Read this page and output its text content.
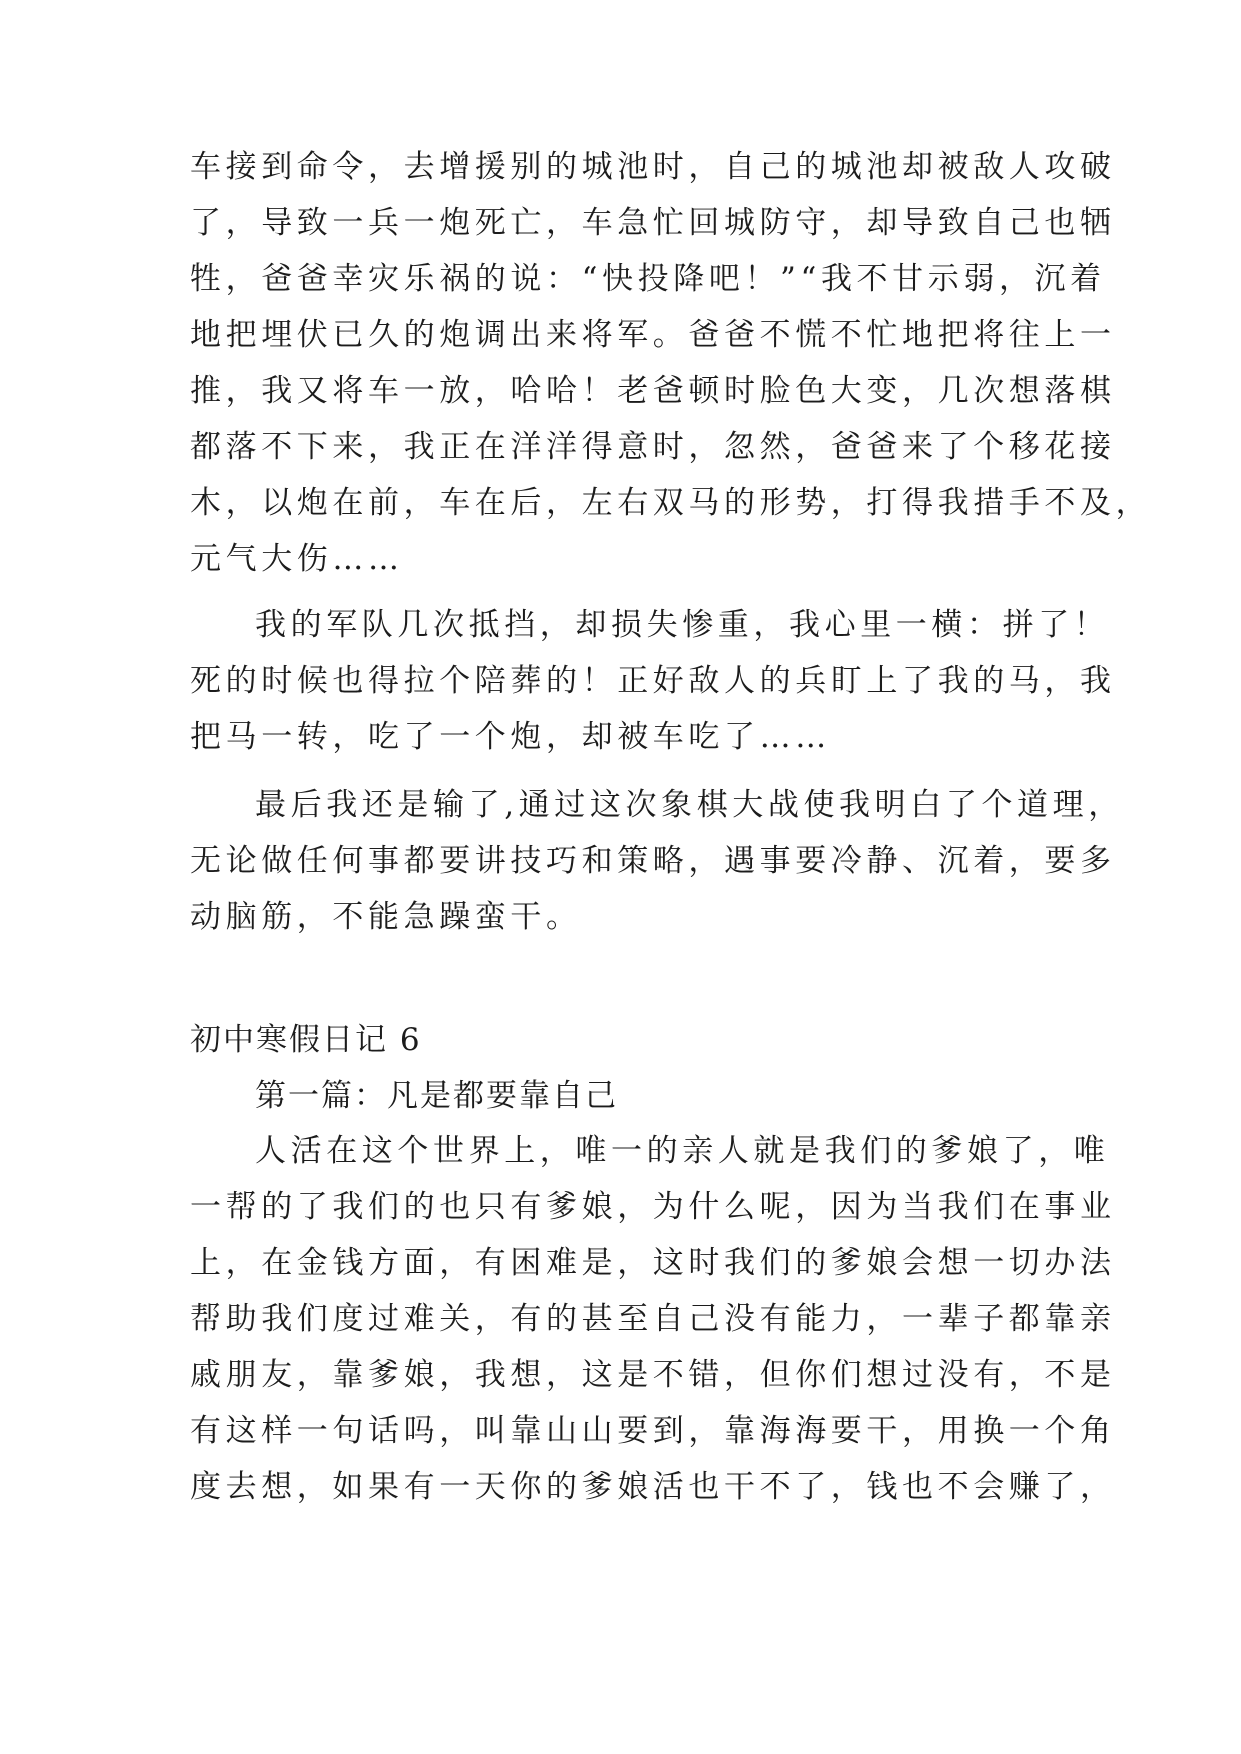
车接到命令，去增援别的城池时，自己的城池却被敌人攻破
了，导致一兵一炮死亡，车急忙回城防守，却导致自己也牺
牲，爸爸幸灾乐祸的说：“快投降吧！”“我不甘示弱，沉着
地把埋伏已久的炮调出来将军。爸爸不慌不忙地把将往上一
推，我又将车一放，哈哈！老爸顿时脸色大变，几次想落棋
都落不下来，我正在洋洋得意时，忽然，爸爸来了个移花接
木，以炮在前，车在后，左右双马的形势，打得我措手不及，
元气大伤……
我的军队几次抵挡，却损失惨重，我心里一横：拼了！
死的时候也得拉个陪葬的！正好敌人的兵盯上了我的马，我
把马一转，吃了一个炮，却被车吃了……
最后我还是输了,通过这次象棋大战使我明白了个道理，
无论做任何事都要讲技巧和策略，遇事要冷静、沉着，要多
动脑筋，不能急躁蛮干。
初中寒假日记 6
第一篇：凡是都要靠自己
人活在这个世界上，唯一的亲人就是我们的爹娘了，唯
一帮的了我们的也只有爹娘，为什么呢，因为当我们在事业
上，在金钱方面，有困难是，这时我们的爹娘会想一切办法
帮助我们度过难关，有的甚至自己没有能力，一辈子都靠亲
戚朋友，靠爹娘，我想，这是不错，但你们想过没有，不是
有这样一句话吗，叫靠山山要到，靠海海要干，用换一个角
度去想，如果有一天你的爹娘活也干不了，钱也不会赚了，
